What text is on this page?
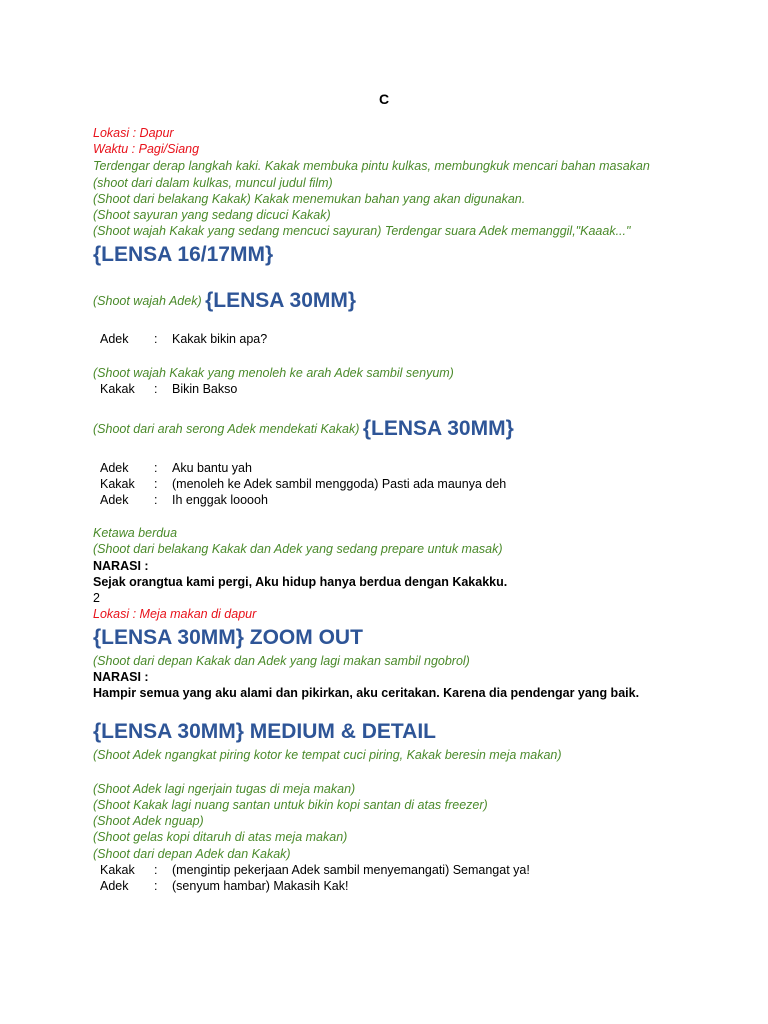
C
Lokasi : Dapur
Waktu : Pagi/Siang
Terdengar derap langkah kaki. Kakak membuka pintu kulkas, membungkuk mencari bahan masakan
(shoot dari dalam kulkas, muncul judul film)
(Shoot dari belakang Kakak) Kakak menemukan bahan yang akan digunakan.
(Shoot sayuran yang sedang dicuci Kakak)
(Shoot wajah Kakak yang sedang mencuci sayuran) Terdengar suara Adek memanggil,"Kaaak..."
{LENSA 16/17MM}
(Shoot wajah Adek) {LENSA 30MM}
Adek : Kakak bikin apa?
(Shoot wajah Kakak yang menoleh ke arah Adek sambil senyum)
Kakak : Bikin Bakso
(Shoot dari arah serong Adek mendekati Kakak) {LENSA 30MM}
Adek : Aku bantu yah
Kakak : (menoleh ke Adek sambil menggoda) Pasti ada maunya deh
Adek : Ih enggak looooh
Ketawa berdua
(Shoot dari belakang Kakak dan Adek yang sedang prepare untuk masak)
NARASI :
Sejak orangtua kami pergi, Aku hidup hanya berdua dengan Kakakku.
2
Lokasi : Meja makan di dapur
{LENSA 30MM} ZOOM OUT
(Shoot dari depan Kakak dan Adek yang lagi makan sambil ngobrol)
NARASI :
Hampir semua yang aku alami dan pikirkan, aku ceritakan. Karena dia pendengar yang baik.
{LENSA 30MM} MEDIUM & DETAIL
(Shoot Adek ngangkat piring kotor ke tempat cuci piring, Kakak beresin meja makan)
(Shoot Adek lagi ngerjain tugas di meja makan)
(Shoot Kakak lagi nuang santan untuk bikin kopi santan di atas freezer)
(Shoot Adek nguap)
(Shoot gelas kopi ditaruh di atas meja makan)
(Shoot dari depan Adek dan Kakak)
Kakak : (mengintip pekerjaan Adek sambil menyemangati) Semangat ya!
Adek : (senyum hambar) Makasih Kak!
